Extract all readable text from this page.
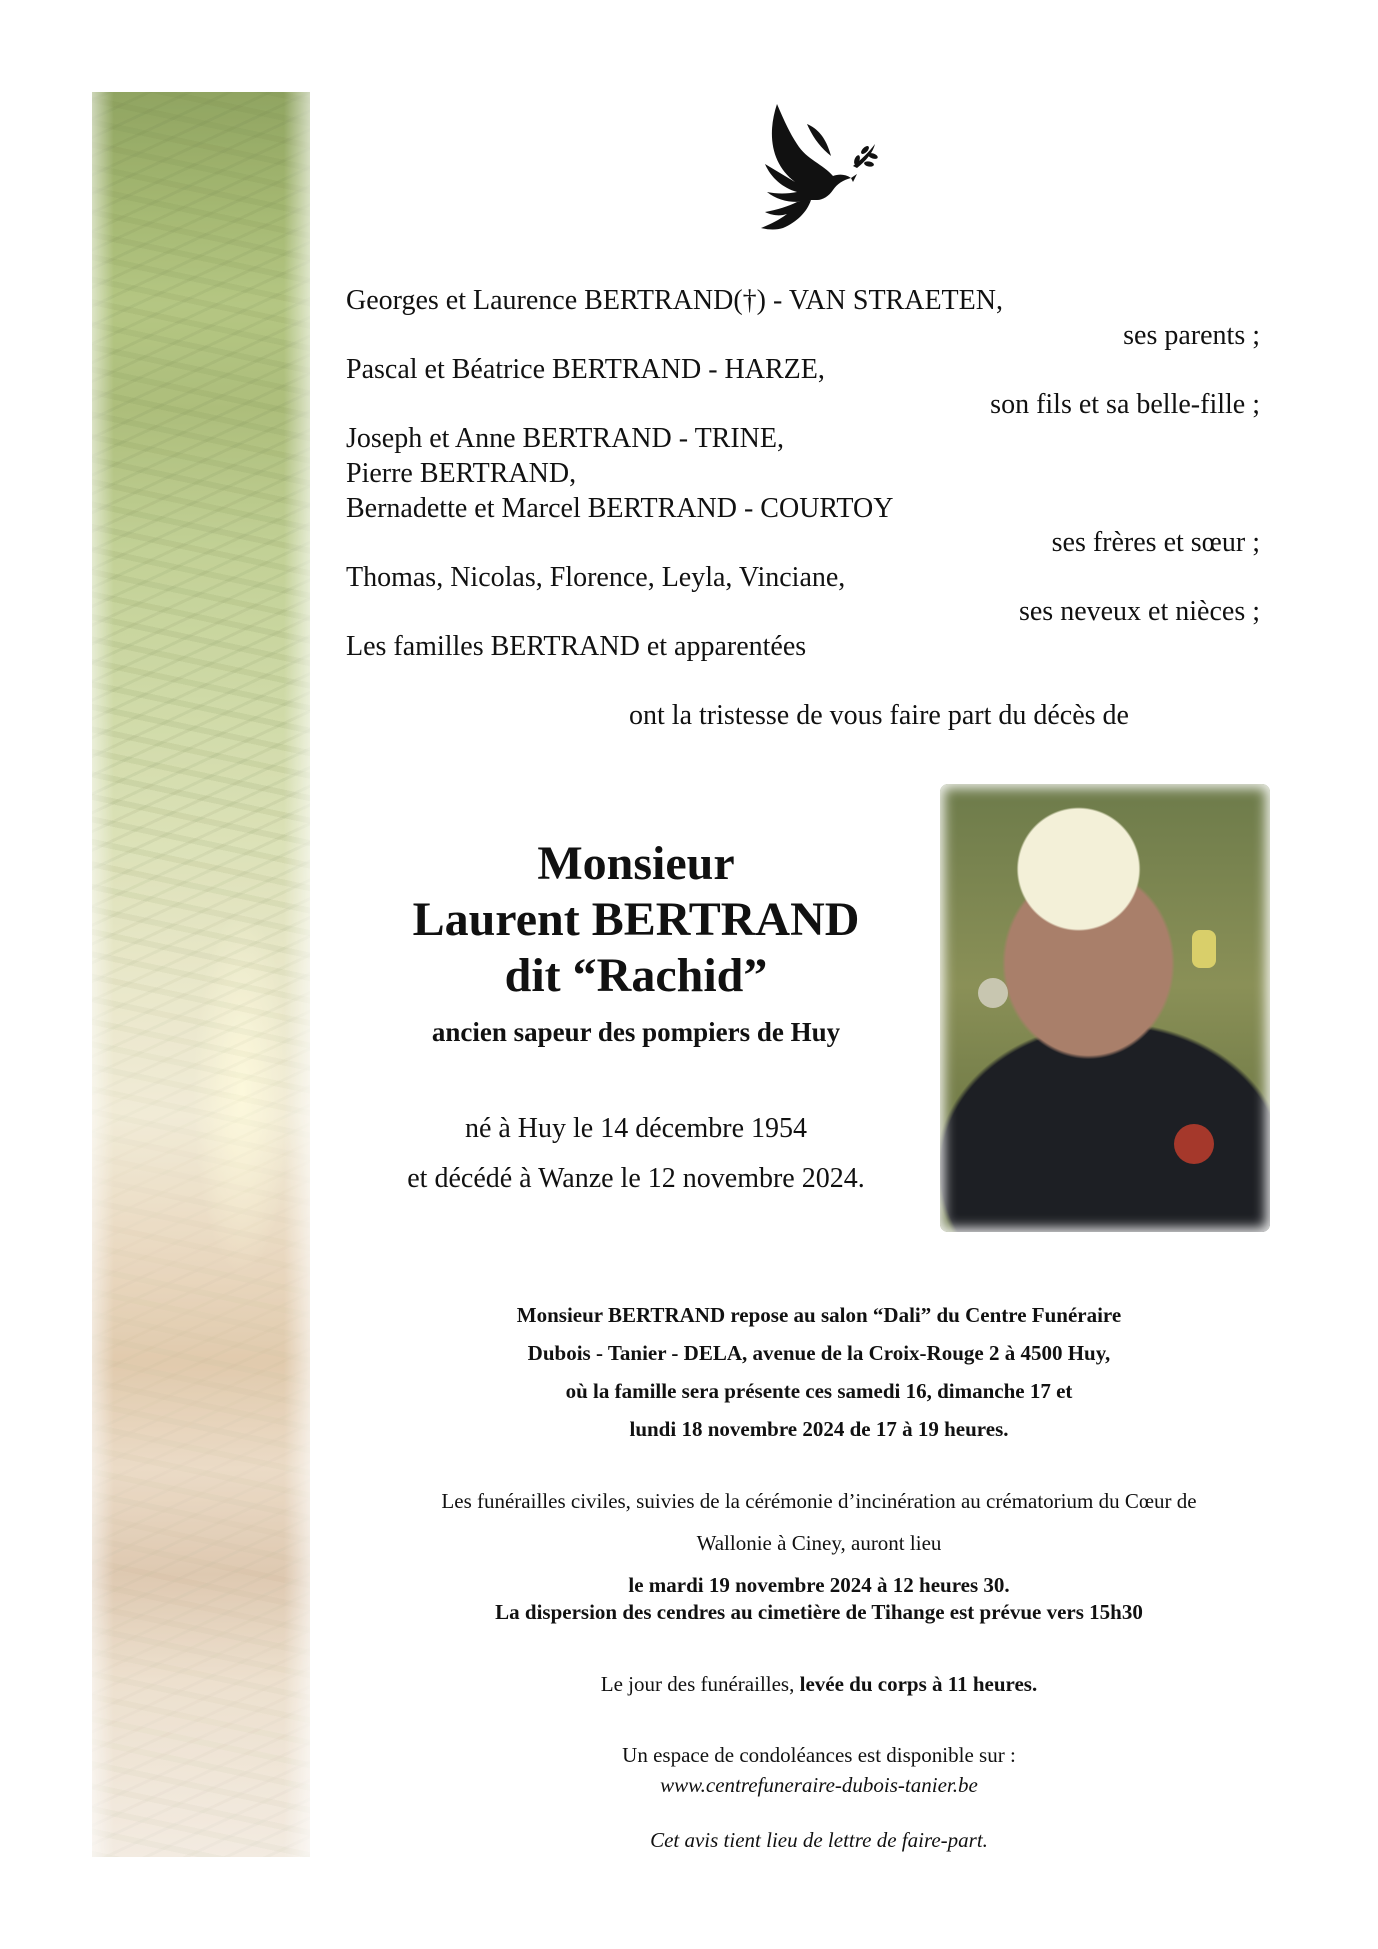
Georges et Laurence BERTRAND(†) - VAN STRAETEN,
ses parents ;
Pascal et Béatrice BERTRAND - HARZE,
son fils et sa belle-fille ;
Joseph et Anne BERTRAND - TRINE,
Pierre BERTRAND,
Bernadette et Marcel BERTRAND - COURTOY
ses frères et sœur ;
Thomas, Nicolas, Florence, Leyla, Vinciane,
ses neveux et nièces ;
Les familles BERTRAND et apparentées
ont la tristesse de vous faire part du décès de
Monsieur
Laurent BERTRAND
dit “Rachid”
ancien sapeur des pompiers de Huy
né à Huy le 14 décembre 1954
et décédé à Wanze le 12 novembre 2024.
Monsieur BERTRAND repose au salon “Dali” du Centre Funéraire
Dubois - Tanier - DELA, avenue de la Croix-Rouge 2 à 4500 Huy,
où la famille sera présente ces samedi 16, dimanche 17 et
lundi 18 novembre 2024 de 17 à 19 heures.
Les funérailles civiles, suivies de la cérémonie d’incinération au crématorium du Cœur de
Wallonie à Ciney, auront lieu
le mardi 19 novembre 2024 à 12 heures 30.
La dispersion des cendres au cimetière de Tihange est prévue vers 15h30
Le jour des funérailles, levée du corps à 11 heures.
Un espace de condoléances est disponible sur :
www.centrefuneraire-dubois-tanier.be
Cet avis tient lieu de lettre de faire-part.
